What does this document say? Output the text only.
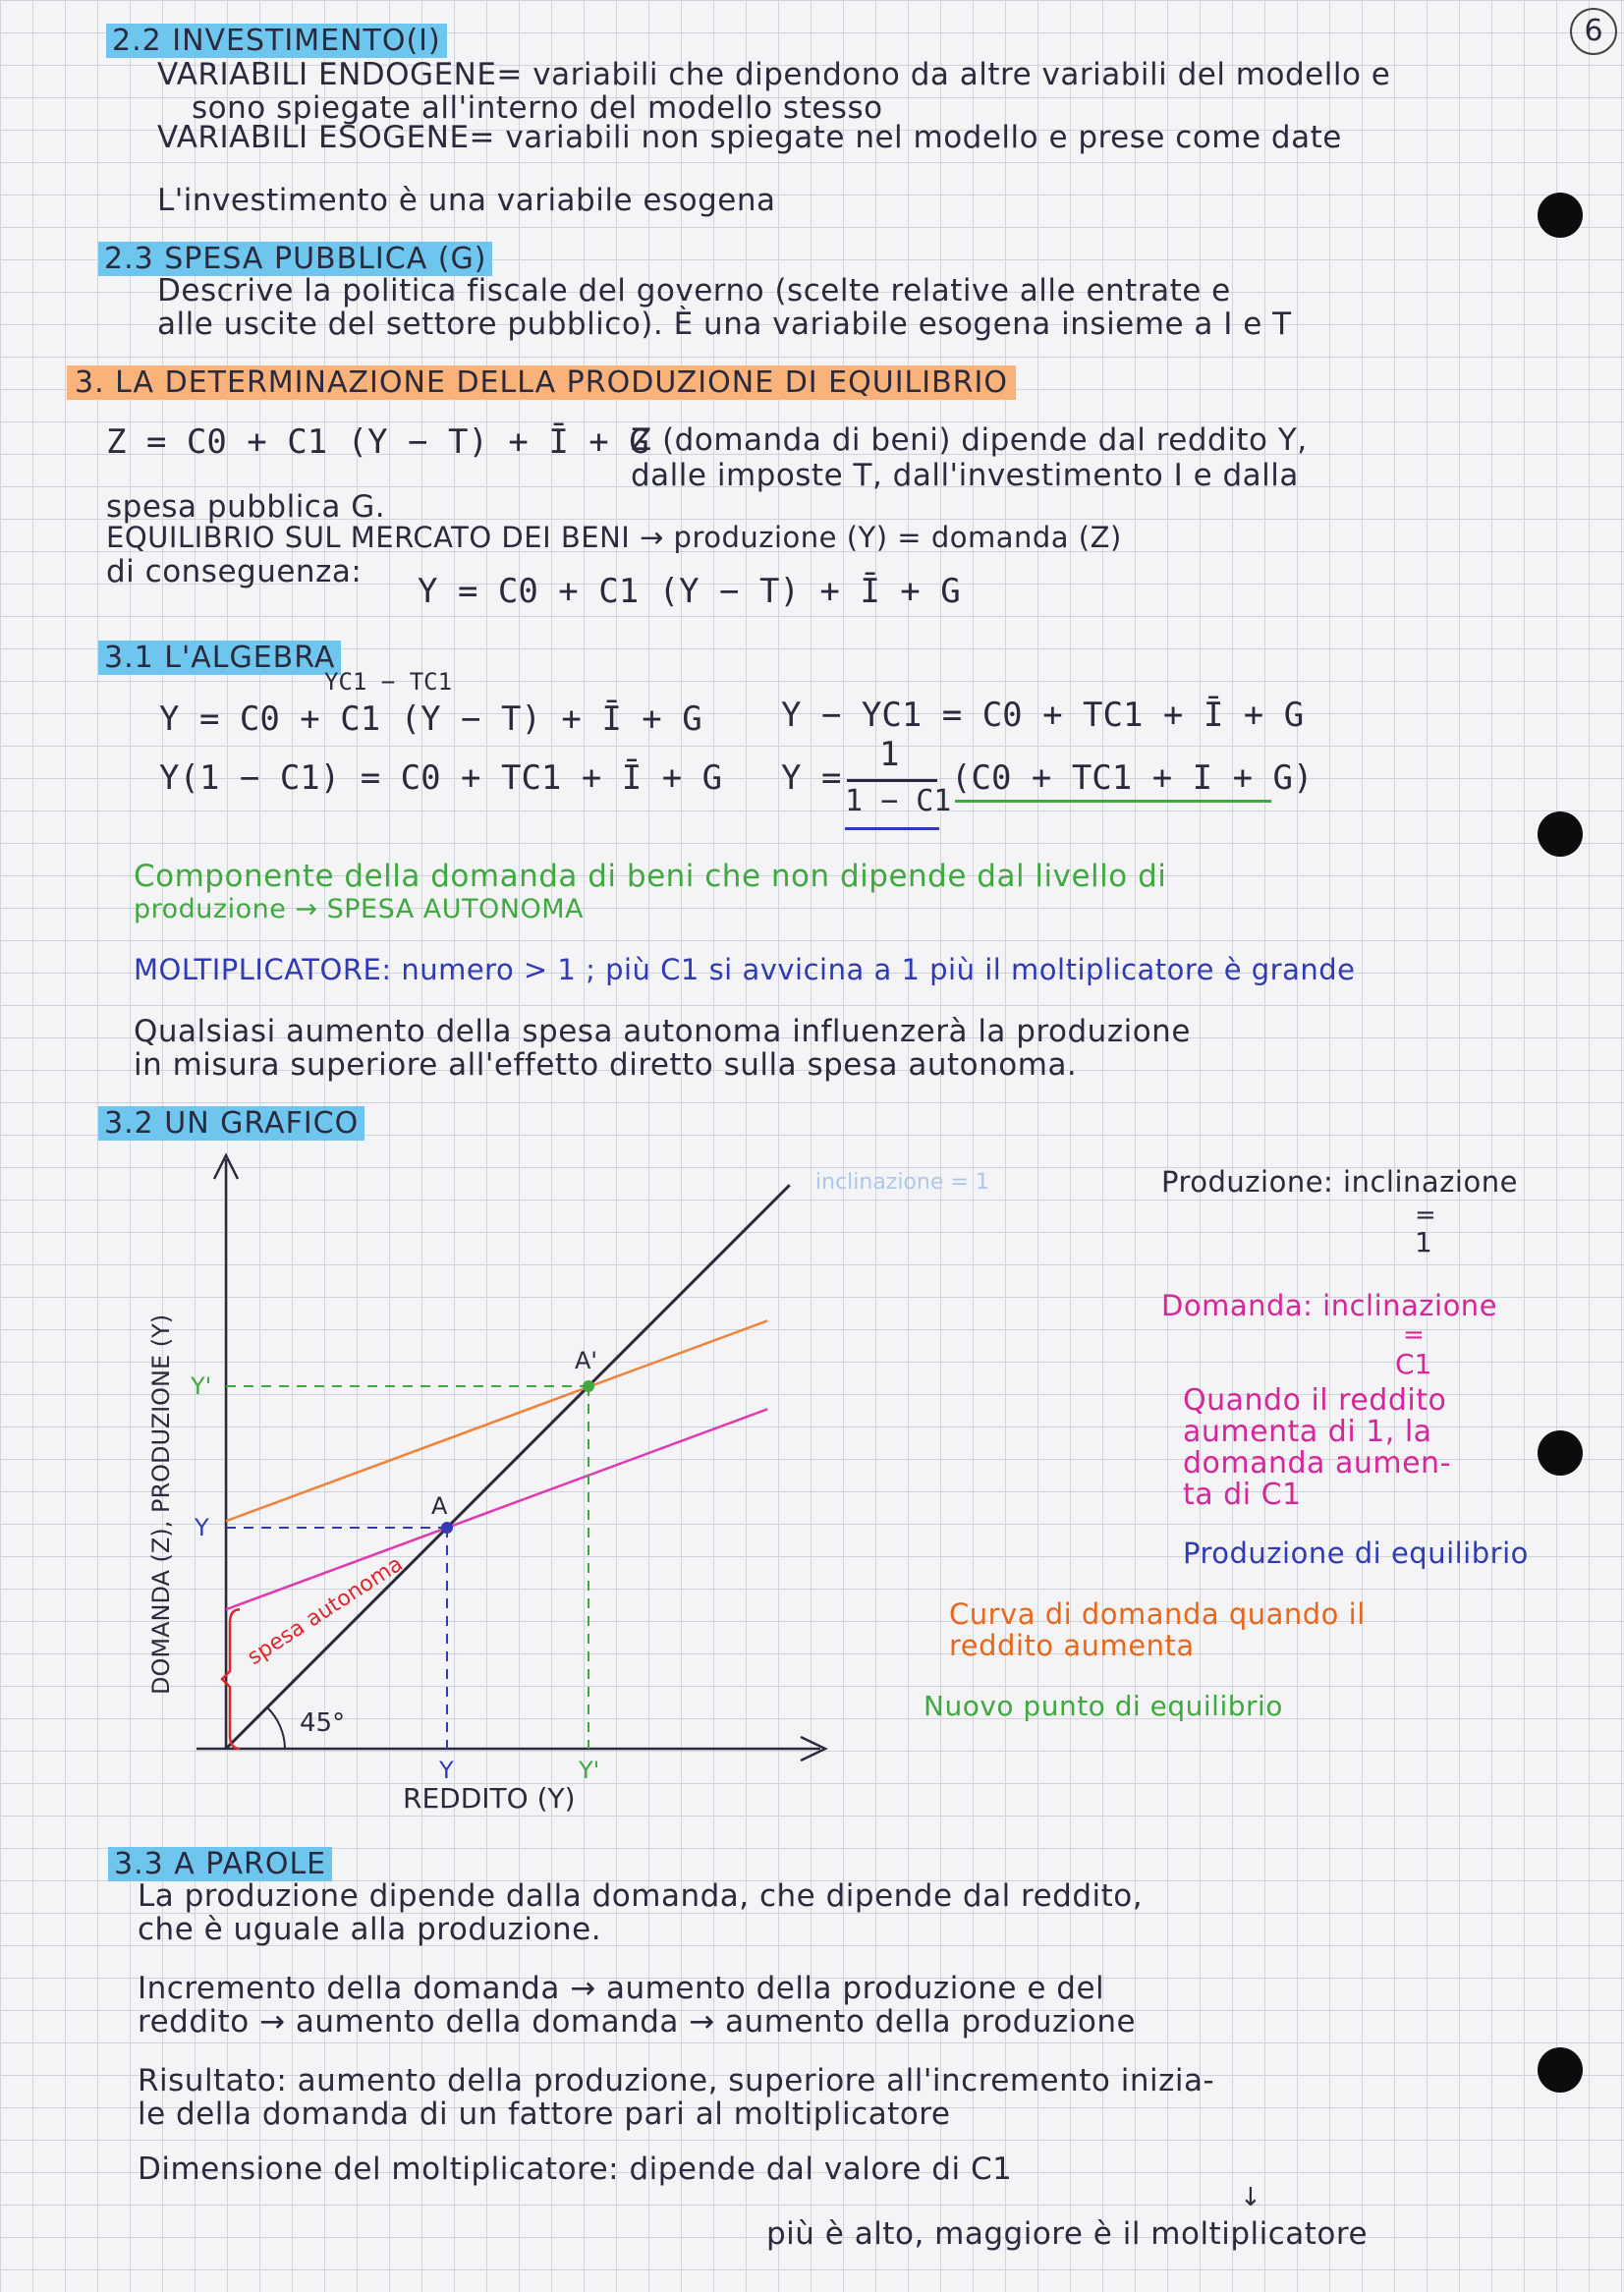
6
2.2 INVESTIMENTO(I)
VARIABILI ENDOGENE= variabili che dipendono da altre variabili del modello e
sono spiegate all'interno del modello stesso
VARIABILI ESOGENE= variabili non spiegate nel modello e prese come date
L'investimento è una variabile esogena
2.3 SPESA PUBBLICA (G)
Descrive la politica fiscale del governo (scelte relative alle entrate e
alle uscite del settore pubblico). È una variabile esogena insieme a I e T
3. LA DETERMINAZIONE DELLA PRODUZIONE DI EQUILIBRIO
Z = C0 + C1 (Y − T) + Ī + G
Z (domanda di beni) dipende dal reddito Y,
dalle imposte T, dall'investimento I e dalla
spesa pubblica G.
EQUILIBRIO SUL MERCATO DEI BENI → produzione (Y) = domanda (Z)
di conseguenza: Y = C0 + C1 (Y − T) + Ī + G
3.1 L'ALGEBRA
YC1 − TC1
Y = C0 + C1 (Y − T) + Ī + G Y − YC1 = C0 + TC1 + Ī + G
Y(1 − C1) = C0 + TC1 + Ī + G Y =
1
1 − C1
(C0 + TC1 + I + G)
Componente della domanda di beni che non dipende dal livello di
produzione → SPESA AUTONOMA
MOLTIPLICATORE: numero > 1 ; più C1 si avvicina a 1 più il moltiplicatore è grande
Qualsiasi aumento della spesa autonoma influenzerà la produzione
in misura superiore all'effetto diretto sulla spesa autonoma.
3.2 UN GRAFICO
inclinazione = 1
DOMANDA (Z), PRODUZIONE (Y)
REDDITO (Y)
A
A'
Y	Y'
Y
Y'
spesa autonoma
45°
Produzione: inclinazione
=
1
Domanda: inclinazione
=
C1
Quando il reddito
aumenta di 1, la
domanda aumen-
ta di C1
Produzione di equilibrio
Curva di domanda quando il
reddito aumenta
Nuovo punto di equilibrio
3.3 A PAROLE
La produzione dipende dalla domanda, che dipende dal reddito,
che è uguale alla produzione.
Incremento della domanda → aumento della produzione e del
reddito → aumento della domanda → aumento della produzione
Risultato: aumento della produzione, superiore all'incremento inizia-
le della domanda di un fattore pari al moltiplicatore
Dimensione del moltiplicatore: dipende dal valore di C1
↓
più è alto, maggiore è il moltiplicatore
